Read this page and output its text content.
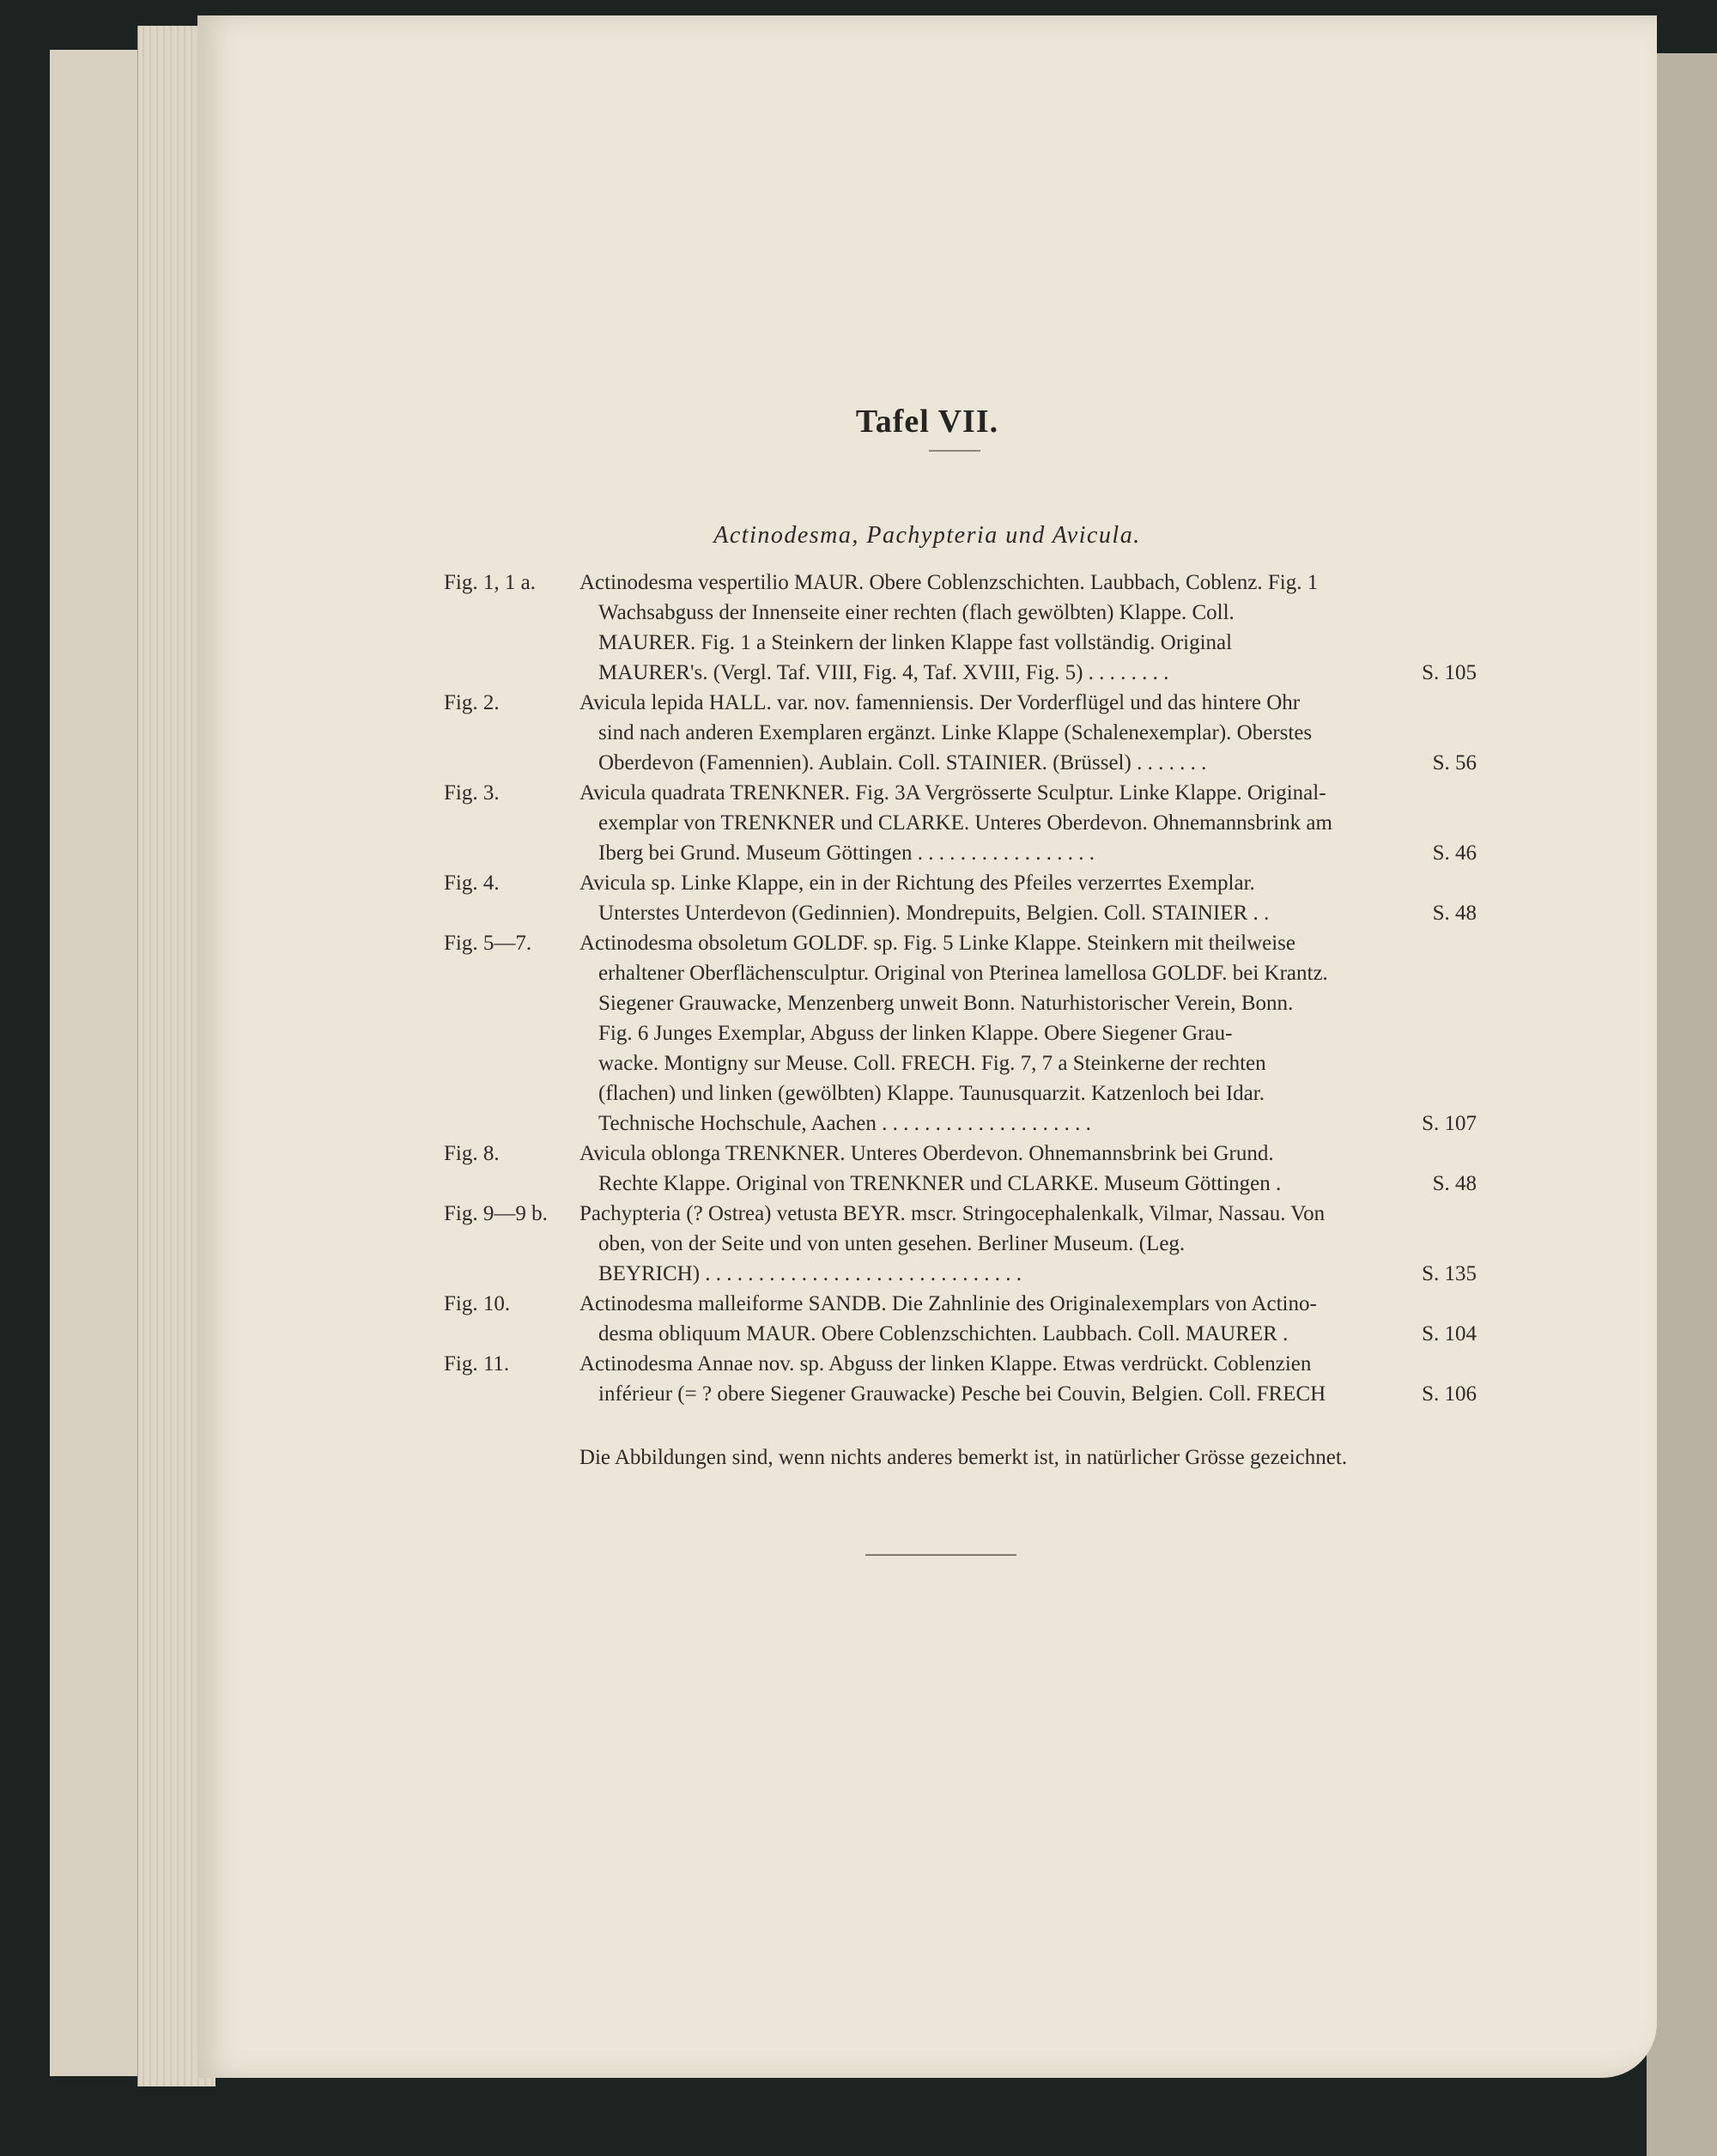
Tafel VII.
Actinodesma, Pachypteria und Avicula.
Fig. 1, 1 a.	Actinodesma vespertilio MAUR. Obere Coblenzschichten. Laubbach, Coblenz. Fig. 1
Wachsabguss der Innenseite einer rechten (flach gewölbten) Klappe. Coll.
MAURER. Fig. 1 a Steinkern der linken Klappe fast vollständig. Original
MAURER's. (Vergl. Taf. VIII, Fig. 4, Taf. XVIII, Fig. 5) . . . . . . . .	S. 105
Fig. 2.	Avicula lepida HALL. var. nov. famenniensis. Der Vorderflügel und das hintere Ohr
sind nach anderen Exemplaren ergänzt. Linke Klappe (Schalenexemplar). Oberstes
Oberdevon (Famennien). Aublain. Coll. STAINIER. (Brüssel) . . . . . . .	S. 56
Fig. 3.	Avicula quadrata TRENKNER. Fig. 3A Vergrösserte Sculptur. Linke Klappe. Original-
exemplar von TRENKNER und CLARKE. Unteres Oberdevon. Ohnemannsbrink am
Iberg bei Grund. Museum Göttingen . . . . . . . . . . . . . . . . .	S. 46
Fig. 4.	Avicula sp. Linke Klappe, ein in der Richtung des Pfeiles verzerrtes Exemplar.
Unterstes Unterdevon (Gedinnien). Mondrepuits, Belgien. Coll. STAINIER . .	S. 48
Fig. 5—7.	Actinodesma obsoletum GOLDF. sp. Fig. 5 Linke Klappe. Steinkern mit theilweise
erhaltener Oberflächensculptur. Original von Pterinea lamellosa GOLDF. bei Krantz.
Siegener Grauwacke, Menzenberg unweit Bonn. Naturhistorischer Verein, Bonn.
Fig. 6 Junges Exemplar, Abguss der linken Klappe. Obere Siegener Grau-
wacke. Montigny sur Meuse. Coll. FRECH. Fig. 7, 7 a Steinkerne der rechten
(flachen) und linken (gewölbten) Klappe. Taunusquarzit. Katzenloch bei Idar.
Technische Hochschule, Aachen . . . . . . . . . . . . . . . . . . . .	S. 107
Fig. 8.	Avicula oblonga TRENKNER. Unteres Oberdevon. Ohnemannsbrink bei Grund.
Rechte Klappe. Original von TRENKNER und CLARKE. Museum Göttingen .	S. 48
Fig. 9—9 b.	Pachypteria (? Ostrea) vetusta BEYR. mscr. Stringocephalenkalk, Vilmar, Nassau. Von
oben, von der Seite und von unten gesehen. Berliner Museum. (Leg.
BEYRICH) . . . . . . . . . . . . . . . . . . . . . . . . . . . . . .	S. 135
Fig. 10.	Actinodesma malleiforme SANDB. Die Zahnlinie des Originalexemplars von Actino-
desma obliquum MAUR. Obere Coblenzschichten. Laubbach. Coll. MAURER .	S. 104
Fig. 11.	Actinodesma Annae nov. sp. Abguss der linken Klappe. Etwas verdrückt. Coblenzien
inférieur (= ? obere Siegener Grauwacke) Pesche bei Couvin, Belgien. Coll. FRECH	S. 106
Die Abbildungen sind, wenn nichts anderes bemerkt ist, in natürlicher Grösse gezeichnet.
